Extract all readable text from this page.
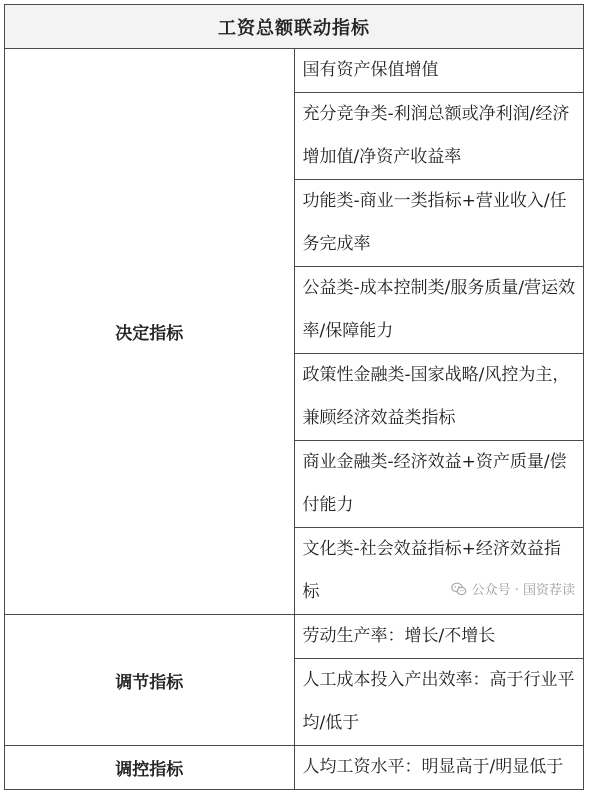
工资总额联动指标	
决定指标	国有资产保值增值
	充分竞争类-利润总额或净利润/经济增加值/净资产收益率
	功能类-商业一类指标+营业收入/任务完成率
	公益类-成本控制类/服务质量/营运效率/保障能力
	政策性金融类-国家战略/风控为主，兼顾经济效益类指标
	商业金融类-经济效益+资产质量/偿付能力
	文化类-社会效益指标+经济效益指标
调节指标	劳动生产率：增长/不增长
	人工成本投入产出效率：高于行业平均/低于
调控指标	人均工资水平：明显高于/明显低于
公众号 · 国资荐读
